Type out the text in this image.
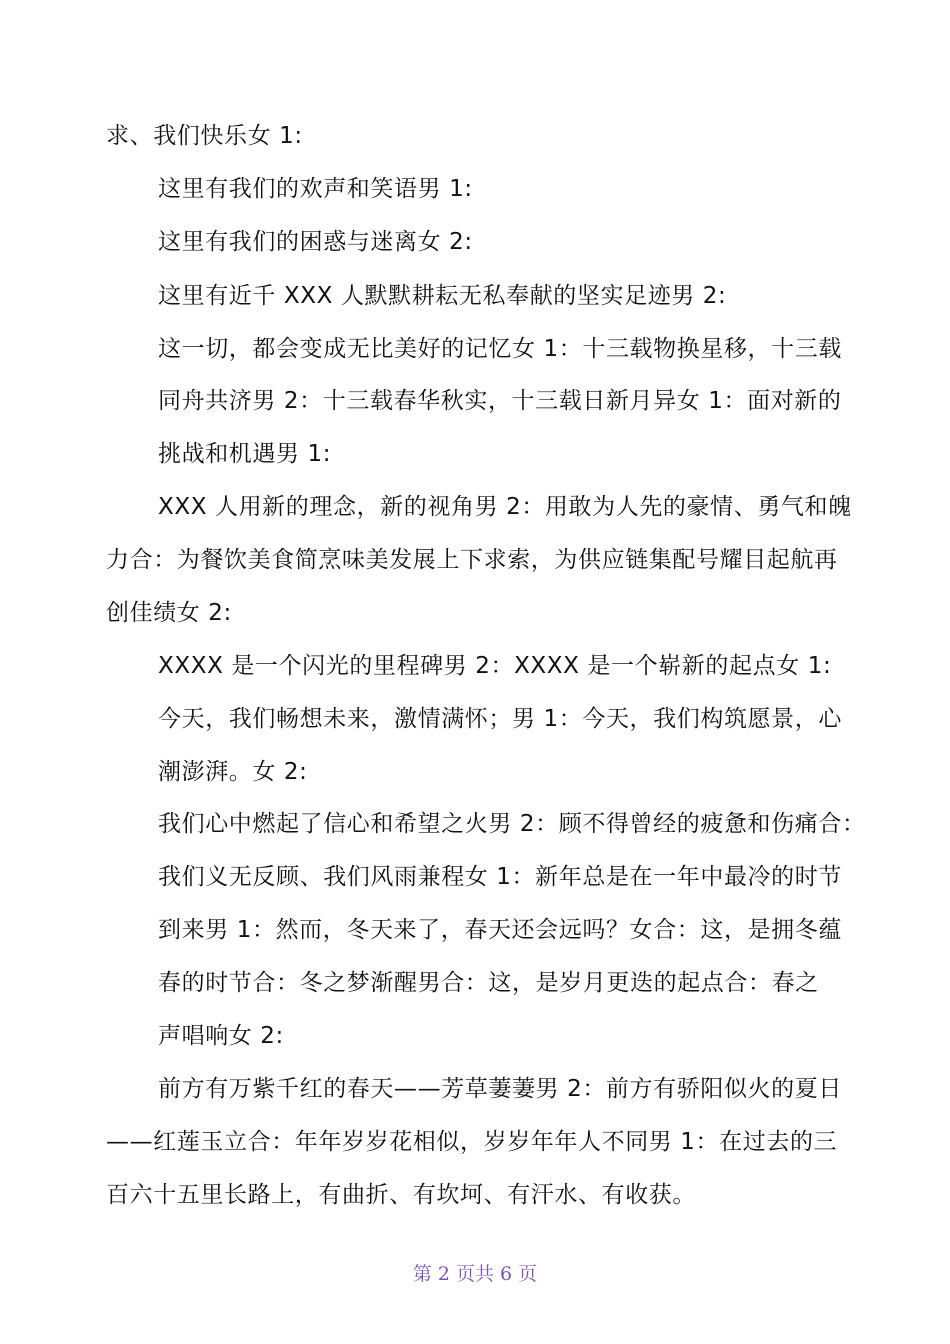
求、我们快乐女 1:
这里有我们的欢声和笑语男 1:
这里有我们的困惑与迷离女 2:
这里有近千 XXX 人默默耕耘无私奉献的坚实足迹男 2:
这一切，都会变成无比美好的记忆女 1：十三载物换星移，十三载
同舟共济男 2：十三载春华秋实，十三载日新月异女 1：面对新的
挑战和机遇男 1:
XXX 人用新的理念，新的视角男 2：用敢为人先的豪情、勇气和魄
力合：为餐饮美食简烹味美发展上下求索，为供应链集配号耀目起航再
创佳绩女 2:
XXXX 是一个闪光的里程碑男 2：XXXX 是一个崭新的起点女 1:
今天，我们畅想未来，激情满怀；男 1：今天，我们构筑愿景，心
潮澎湃。女 2:
我们心中燃起了信心和希望之火男 2：顾不得曾经的疲惫和伤痛合：
我们义无反顾、我们风雨兼程女 1：新年总是在一年中最冷的时节
到来男 1：然而，冬天来了，春天还会远吗？女合：这，是拥冬蕴
春的时节合：冬之梦渐醒男合：这，是岁月更迭的起点合：春之
声唱响女 2:
前方有万紫千红的春天——芳草萋萋男 2：前方有骄阳似火的夏日
——红莲玉立合：年年岁岁花相似，岁岁年年人不同男 1：在过去的三
百六十五里长路上，有曲折、有坎坷、有汗水、有收获。
第 2 页共 6 页
